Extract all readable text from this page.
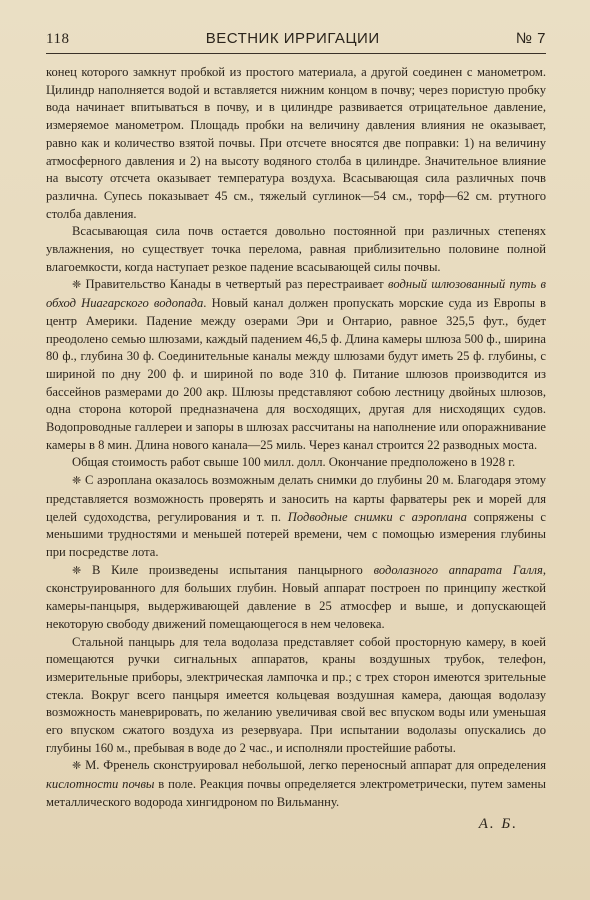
118	ВЕСТНИК ИРРИГАЦИИ	№ 7

конец которого замкнут пробкой из простого материала, а другой соединен с манометром. Цилиндр наполняется водой и вставляется нижним концом в почву; через пористую пробку вода начинает впитываться в почву, и в цилиндре развивается отрицательное давление, измеряемое манометром. Площадь пробки на величину давления влияния не оказывает, равно как и количество взятой почвы. При отсчете вносятся две поправки: 1) на величину атмосферного давления и 2) на высоту водяного столба в цилиндре. Значительное влияние на высоту отсчета оказывает температура воздуха. Всасывающая сила различных почв различна. Супесь показывает 45 см., тяжелый суглинок—54 см., торф—62 см. ртутного столба давления.

Всасывающая сила почв остается довольно постоянной при различных степенях увлажнения, но существует точка перелома, равная приблизительно половине полной влагоемкости, когда наступает резкое падение всасывающей силы почвы.

❈ Правительство Канады в четвертый раз перестраивает водный шлюзованный путь в обход Ниагарского водопада. Новый канал должен пропускать морские суда из Европы в центр Америки. Падение между озерами Эри и Онтарио, равное 325,5 фут., будет преодолено семью шлюзами, каждый падением 46,5 ф. Длина камеры шлюза 500 ф., ширина 80 ф., глубина 30 ф. Соединительные каналы между шлюзами будут иметь 25 ф. глубины, с шириной по дну 200 ф. и шириной по воде 310 ф. Питание шлюзов производится из бассейнов размерами до 200 акр. Шлюзы представляют собою лестницу двойных шлюзов, одна сторона которой предназначена для восходящих, другая для нисходящих судов. Водопроводные галлереи и запоры в шлюзах рассчитаны на наполнение или опоражнивание камеры в 8 мин. Длина нового канала—25 миль. Через канал строится 22 разводных моста.

Общая стоимость работ свыше 100 милл. долл. Окончание предположено в 1928 г.

❈ С аэроплана оказалось возможным делать снимки до глубины 20 м. Благодаря этому представляется возможность проверять и заносить на карты фарватеры рек и морей для целей судоходства, регулирования и т. п. Подводные снимки с аэроплана сопряжены с меньшими трудностями и меньшей потерей времени, чем с помощью измерения глубины при посредстве лота.

❈ В Киле произведены испытания панцырного водолазного аппарата Галля, сконструированного для больших глубин. Новый аппарат построен по принципу жесткой камеры-панцыря, выдерживающей давление в 25 атмосфер и выше, и допускающей некоторую свободу движений помещающегося в нем человека.

Стальной панцырь для тела водолаза представляет собой просторную камеру, в коей помещаются ручки сигнальных аппаратов, краны воздушных трубок, телефон, измерительные приборы, электрическая лампочка и пр.; с трех сторон имеются зрительные стекла. Вокруг всего панцыря имеется кольцевая воздушная камера, дающая водолазу возможность маневрировать, по желанию увеличивая свой вес впуском воды или уменьшая его впуском сжатого воздуха из резервуара. При испытании водолазы опускались до глубины 160 м., пребывая в воде до 2 час., и исполняли простейшие работы.

❈ М. Френель сконструировал небольшой, легко переносный аппарат для определения кислотности почвы в поле. Реакция почвы определяется электрометрически, путем замены металлического водорода хингидроном по Вильманну.

А. Б.
